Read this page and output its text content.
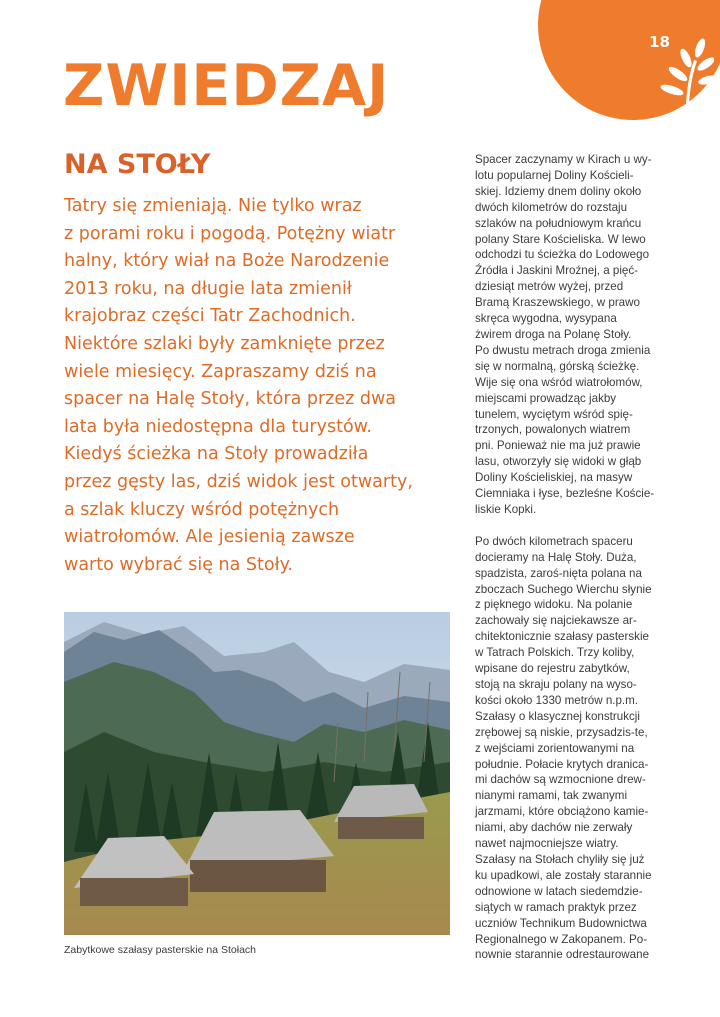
18
ZWIEDZAJ
NA STOŁY
Tatry się zmieniają. Nie tylko wraz
z porami roku i pogodą. Potężny wiatr
halny, który wiał na Boże Narodzenie
2013 roku, na długie lata zmienił
krajobraz części Tatr Zachodnich.
Niektóre szlaki były zamknięte przez
wiele miesięcy. Zapraszamy dziś na
spacer na Halę Stoły, która przez dwa
lata była niedostępna dla turystów.
Kiedyś ścieżka na Stoły prowadziła
przez gęsty las, dziś widok jest otwarty,
a szlak kluczy wśród potężnych
wiatrołomów. Ale jesienią zawsze
warto wybrać się na Stoły.
Spacer zaczynamy w Kirach u wy-
lotu popularnej Doliny Kościeli-
skiej. Idziemy dnem doliny około
dwóch kilometrów do rozstaju
szlaków na południowym krańcu
polany Stare Kościeliska. W lewo
odchodzi tu ścieżka do Lodowego
Źródła i Jaskini Mroźnej, a pięć-
dziesiąt metrów wyżej, przed
Bramą Kraszewskiego, w prawo
skręca wygodna, wysypana
żwirem droga na Polanę Stoły.
Po dwustu metrach droga zmienia
się w normalną, górską ścieżkę.
Wije się ona wśród wiatrołomów,
miejscami prowadząc jakby
tunelem, wyciętym wśród spię-
trzonych, powalonych wiatrem
pni. Ponieważ nie ma już prawie
lasu, otworzyły się widoki w głąb
Doliny Kościeliskiej, na masyw
Ciemniaka i łyse, bezleśne Koście-
liskie Kopki.
Po dwóch kilometrach spaceru
docieramy na Halę Stoły. Duża,
spadzista, zaroś-nięta polana na
zboczach Suchego Wierchu słynie
z pięknego widoku. Na polanie
zachowały się najciekawsze ar-
chitektonicznie szałasy pasterskie
w Tatrach Polskich. Trzy koliby,
wpisane do rejestru zabytków,
stoją na skraju polany na wyso-
kości około 1330 metrów n.p.m.
Szałasy o klasycznej konstrukcji
zrębowej są niskie, przysadzis-te,
z wejściami zorientowanymi na
południe. Połacie krytych dranica-
mi dachów są wzmocnione drew-
nianymi ramami, tak zwanymi
jarzmami, które obciążono kamie-
niami, aby dachów nie zerwały
nawet najmocniejsze wiatry.
Szałasy na Stołach chyliły się już
ku upadkowi, ale zostały starannie
odnowione w latach siedemdzie-
siątych w ramach praktyk przez
uczniów Technikum Budownictwa
Regionalnego w Zakopanem. Po-
nownie starannie odrestaurowane
Zabytkowe szałasy pasterskie na Stołach
